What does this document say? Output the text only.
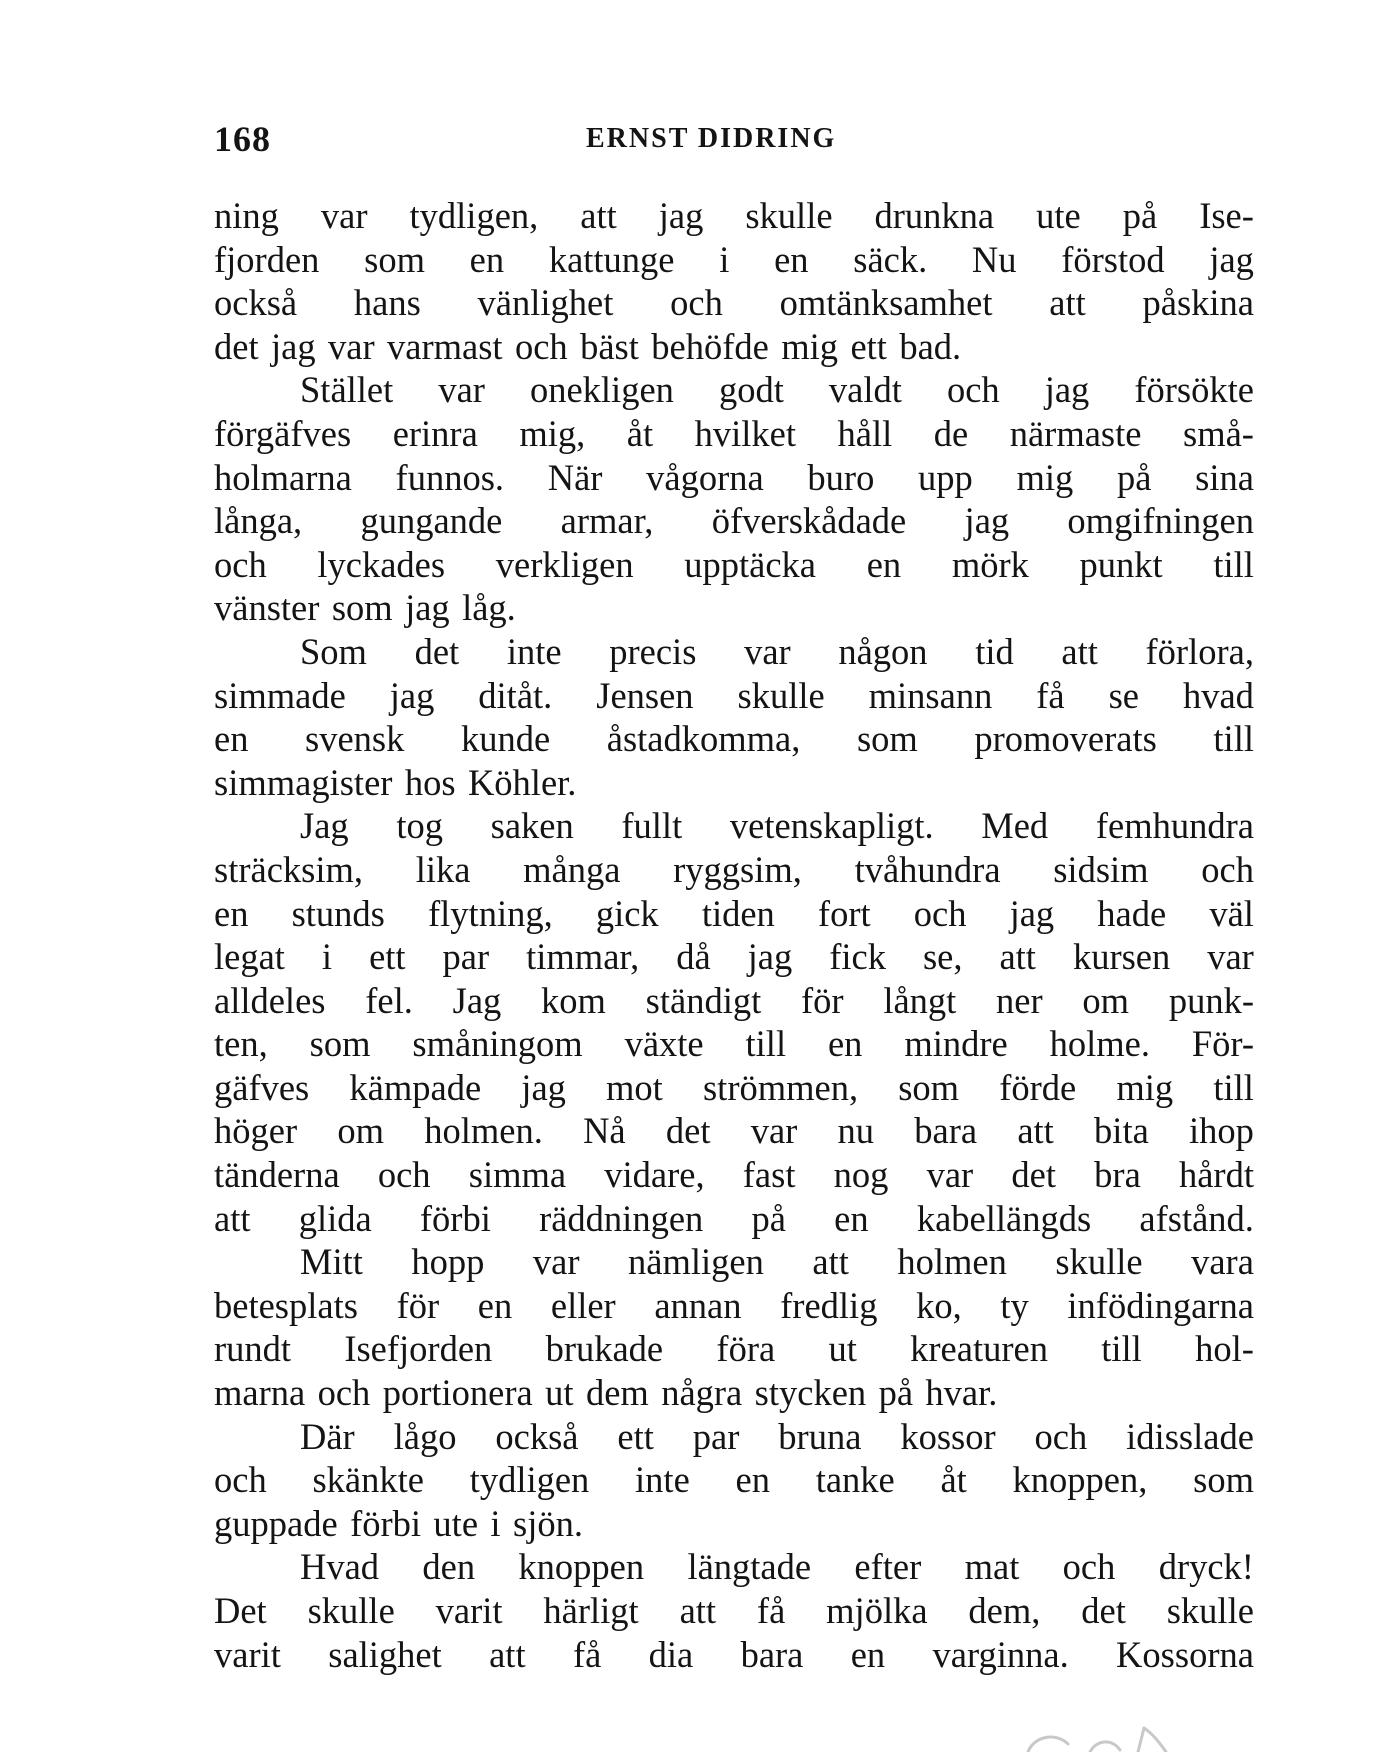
168	ERNST DIDRING
ning var tydligen, att jag skulle drunkna ute på Ise-
fjorden som en kattunge i en säck. Nu förstod jag
också hans vänlighet och omtänksamhet att påskina
det jag var varmast och bäst behöfde mig ett bad.
Stället var onekligen godt valdt och jag försökte
förgäfves erinra mig, åt hvilket håll de närmaste små-
holmarna funnos. När vågorna buro upp mig på sina
långa, gungande armar, öfverskådade jag omgifningen
och lyckades verkligen upptäcka en mörk punkt till
vänster som jag låg.
Som det inte precis var någon tid att förlora,
simmade jag ditåt. Jensen skulle minsann få se hvad
en svensk kunde åstadkomma, som promoverats till
simmagister hos Köhler.
Jag tog saken fullt vetenskapligt. Med femhundra
sträcksim, lika många ryggsim, tvåhundra sidsim och
en stunds flytning, gick tiden fort och jag hade väl
legat i ett par timmar, då jag fick se, att kursen var
alldeles fel. Jag kom ständigt för långt ner om punk-
ten, som småningom växte till en mindre holme. För-
gäfves kämpade jag mot strömmen, som förde mig till
höger om holmen. Nå det var nu bara att bita ihop
tänderna och simma vidare, fast nog var det bra hårdt
att glida förbi räddningen på en kabellängds afstånd.
Mitt hopp var nämligen att holmen skulle vara
betesplats för en eller annan fredlig ko, ty infödingarna
rundt Isefjorden brukade föra ut kreaturen till hol-
marna och portionera ut dem några stycken på hvar.
Där lågo också ett par bruna kossor och idisslade
och skänkte tydligen inte en tanke åt knoppen, som
guppade förbi ute i sjön.
Hvad den knoppen längtade efter mat och dryck!
Det skulle varit härligt att få mjölka dem, det skulle
varit salighet att få dia bara en varginna. Kossorna
